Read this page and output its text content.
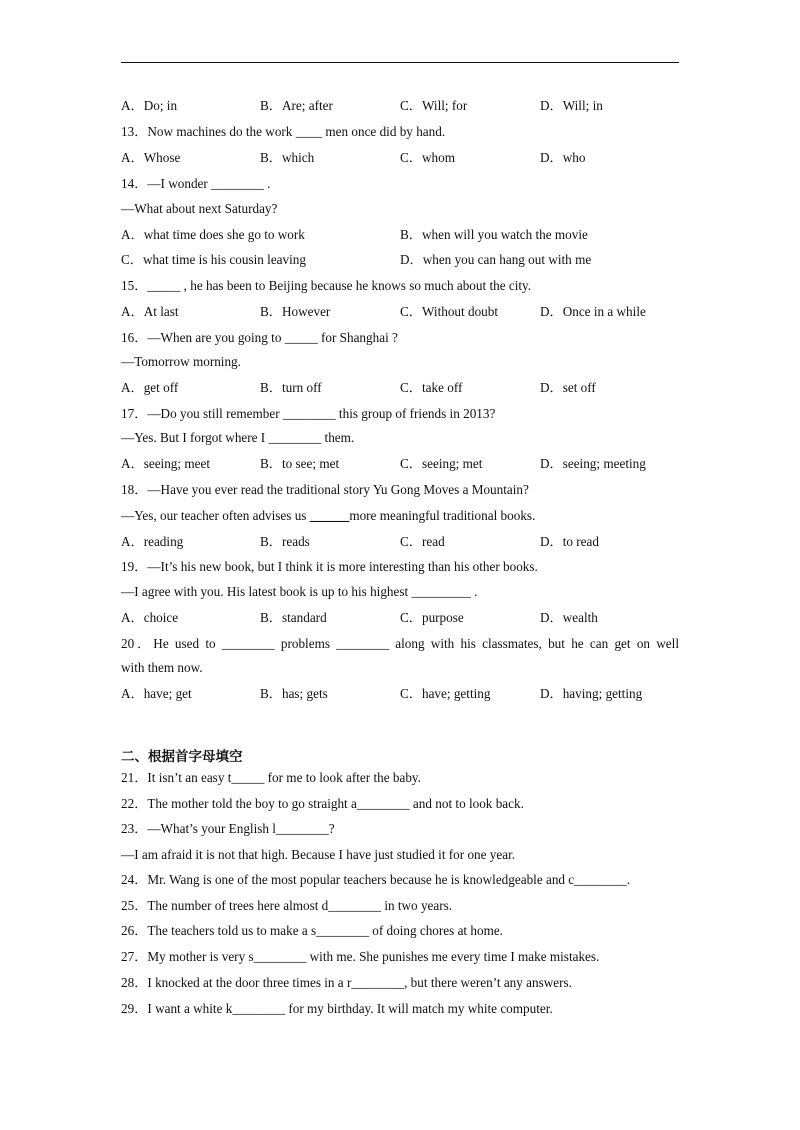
A．Do; in	B．Are; after	C．Will; for	D．Will; in
13．Now machines do the work ____ men once did by hand.
A．Whose	B．which	C．whom	D．who
14．—I wonder ________ .
—What about next Saturday?
A．what time does she go to work	B．when will you watch the movie
C．what time is his cousin leaving	D．when you can hang out with me
15．_____ , he has been to Beijing because he knows so much about the city.
A．At last	B．However	C．Without doubt	D．Once in a while
16．—When are you going to _____ for Shanghai ?
—Tomorrow morning.
A．get off	B．turn off	C．take off	D．set off
17．—Do you still remember ________ this group of friends in 2013?
—Yes. But I forgot where I ________ them.
A．seeing; meet	B．to see; met	C．seeing; met	D．seeing; meeting
18．—Have you ever read the traditional story Yu Gong Moves a Mountain?
—Yes, our teacher often advises us ______more meaningful traditional books.
A．reading	B．reads	C．read	D．to read
19．—It’s his new book, but I think it is more interesting than his other books.
—I agree with you. His latest book is up to his highest _________ .
A．choice	B．standard	C．purpose	D．wealth
20．He used to ________ problems ________ along with his classmates, but he can get on well
with them now.
A．have; get	B．has; gets	C．have; getting	D．having; getting
二、根据首字母填空
21．It isn’t an easy t_____ for me to look after the baby.
22．The mother told the boy to go straight a________ and not to look back.
23．—What’s your English l________?
—I am afraid it is not that high. Because I have just studied it for one year.
24．Mr. Wang is one of the most popular teachers because he is knowledgeable and c________.
25．The number of trees here almost d________ in two years.
26．The teachers told us to make a s________ of doing chores at home.
27．My mother is very s________ with me. She punishes me every time I make mistakes.
28．I knocked at the door three times in a r________, but there weren’t any answers.
29．I want a white k________ for my birthday. It will match my white computer.
